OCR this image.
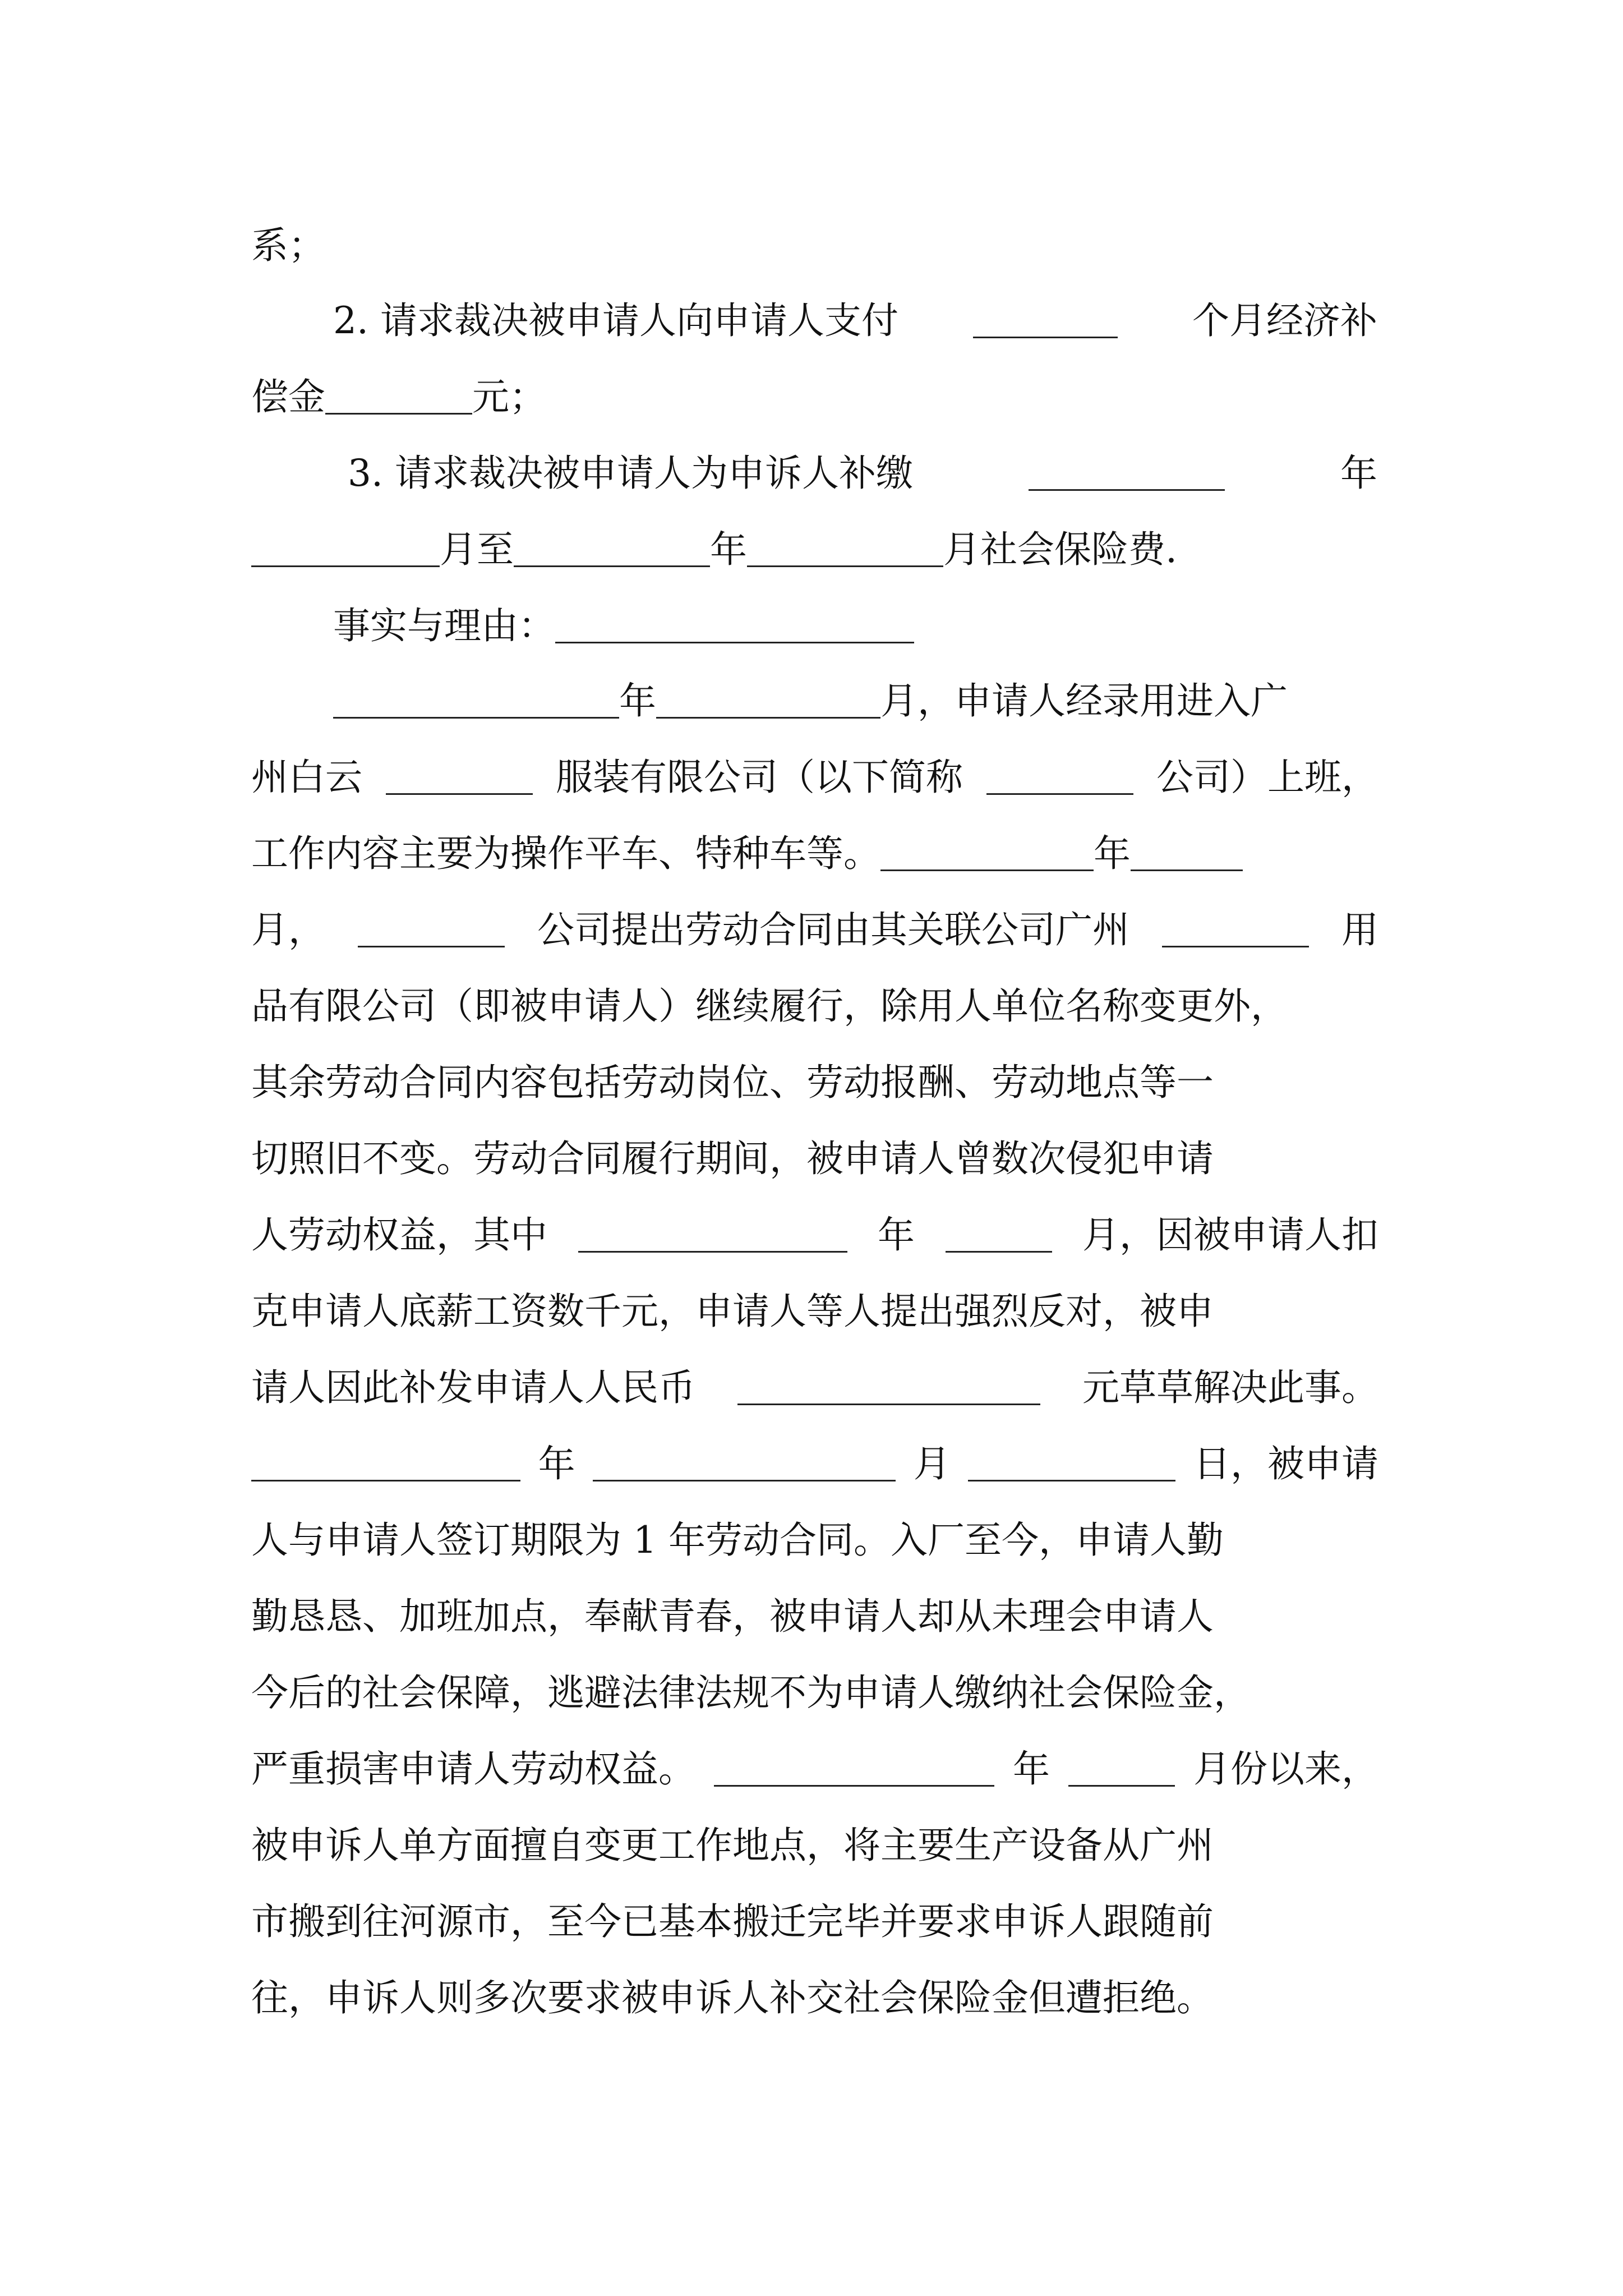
系；
2. 请求裁决被申请人向申请人支付	个月经济补
偿金	元；
3. 请求裁决被申请人为申诉人补缴	年
月至	年	月社会保险费.
事实与理由：
年	月，申请人经录用进入广
州白云	服装有限公司（以下简称	公司）上班，
工作内容主要为操作平车、特种车等。	年
月，	公司提出劳动合同由其关联公司广州	用
品有限公司（即被申请人）继续履行，除用人单位名称变更外，
其余劳动合同内容包括劳动岗位、劳动报酬、劳动地点等一
切照旧不变。劳动合同履行期间，被申请人曾数次侵犯申请
人劳动权益，其中	年	月，因被申请人扣
克申请人底薪工资数千元，申请人等人提出强烈反对，被申
请人因此补发申请人人民币	元草草解决此事。
年	月	日，被申请
人与申请人签订期限为 1 年劳动合同。入厂至今，申请人勤
勤恳恳、加班加点，奉献青春，被申请人却从未理会申请人
今后的社会保障，逃避法律法规不为申请人缴纳社会保险金，
严重损害申请人劳动权益。	年	月份以来，
被申诉人单方面擅自变更工作地点，将主要生产设备从广州
市搬到往河源市，至今已基本搬迁完毕并要求申诉人跟随前
往，申诉人则多次要求被申诉人补交社会保险金但遭拒绝。
